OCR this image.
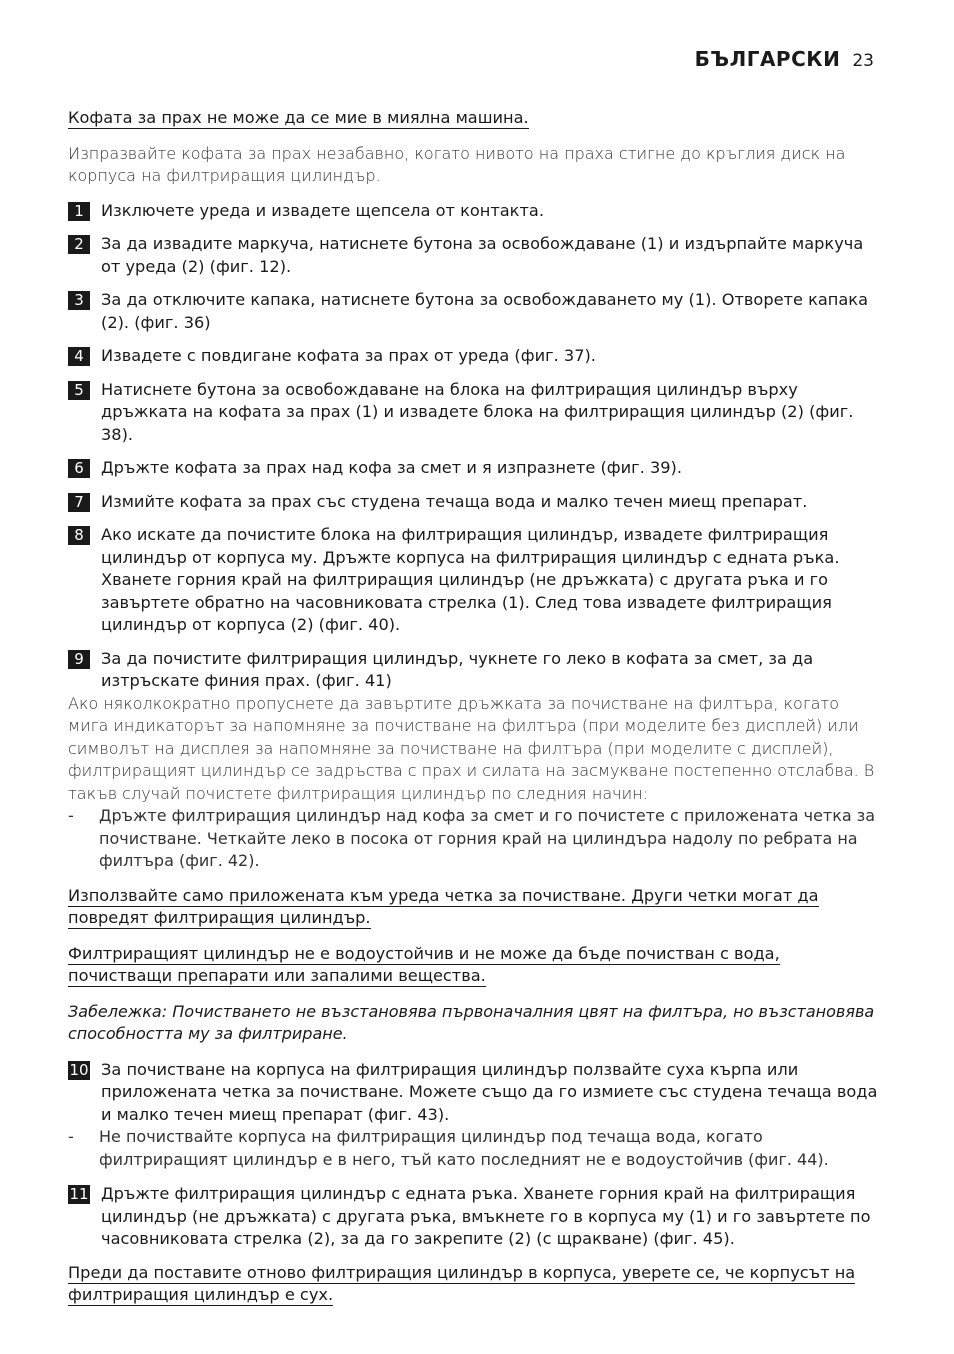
БЪЛГАРСКИ 23

Кофата за прах не може да се мие в миялна машина.

Изпразвайте кофата за прах незабавно, когато нивото на праха стигне до кръглия диск на корпуса на филтриращия цилиндър.

1	Изключете уреда и извадете щепсела от контакта.
2	За да извадите маркуча, натиснете бутона за освобождаване (1) и издърпайте маркуча от уреда (2) (фиг. 12).
3	За да отключите капака, натиснете бутона за освобождаването му (1). Отворете капака (2). (фиг. 36)
4	Извадете с повдигане кофата за прах от уреда (фиг. 37).
5	Натиснете бутона за освобождаване на блока на филтриращия цилиндър върху дръжката на кофата за прах (1) и извадете блока на филтриращия цилиндър (2) (фиг. 38).
6	Дръжте кофата за прах над кофа за смет и я изпразнете (фиг. 39).
7	Измийте кофата за прах със студена течаща вода и малко течен миещ препарат.
8	Ако искате да почистите блока на филтриращия цилиндър, извадете филтриращия цилиндър от корпуса му. Дръжте корпуса на филтриращия цилиндър с едната ръка. Хванете горния край на филтриращия цилиндър (не дръжката) с другата ръка и го завъртете обратно на часовниковата стрелка (1). След това извадете филтриращия цилиндър от корпуса (2) (фиг. 40).
9	За да почистите филтриращия цилиндър, чукнете го леко в кофата за смет, за да изтръскате финия прах. (фиг. 41)

Ако няколкократно пропуснете да завъртите дръжката за почистване на филтъра, когато мига индикаторът за напомняне за почистване на филтъра (при моделите без дисплей) или символът на дисплея за напомняне за почистване на филтъра (при моделите с дисплей), филтриращият цилиндър се задръства с прах и силата на засмукване постепенно отслабва. В такъв случай почистете филтриращия цилиндър по следния начин:

-	Дръжте филтриращия цилиндър над кофа за смет и го почистете с приложената четка за почистване. Четкайте леко в посока от горния край на цилиндъра надолу по ребрата на филтъра (фиг. 42).

Използвайте само приложената към уреда четка за почистване. Други четки могат да повредят филтриращия цилиндър.

Филтриращият цилиндър не е водоустойчив и не може да бъде почистван с вода, почистващи препарати или запалими вещества.

Забележка: Почистването не възстановява първоначалния цвят на филтъра, но възстановява способността му за филтриране.

10 За почистване на корпуса на филтриращия цилиндър ползвайте суха кърпа или приложената четка за почистване. Можете също да го измиете със студена течаща вода и малко течен миещ препарат (фиг. 43).
-	Не почиствайте корпуса на филтриращия цилиндър под течаща вода, когато филтриращият цилиндър е в него, тъй като последният не е водоустойчив (фиг. 44).
11 Дръжте филтриращия цилиндър с едната ръка. Хванете горния край на филтриращия цилиндър (не дръжката) с другата ръка, вмъкнете го в корпуса му (1) и го завъртете по часовниковата стрелка (2), за да го закрепите (2) (с щракване) (фиг. 45).

Преди да поставите отново филтриращия цилиндър в корпуса, уверете се, че корпусът на филтриращия цилиндър е сух.
